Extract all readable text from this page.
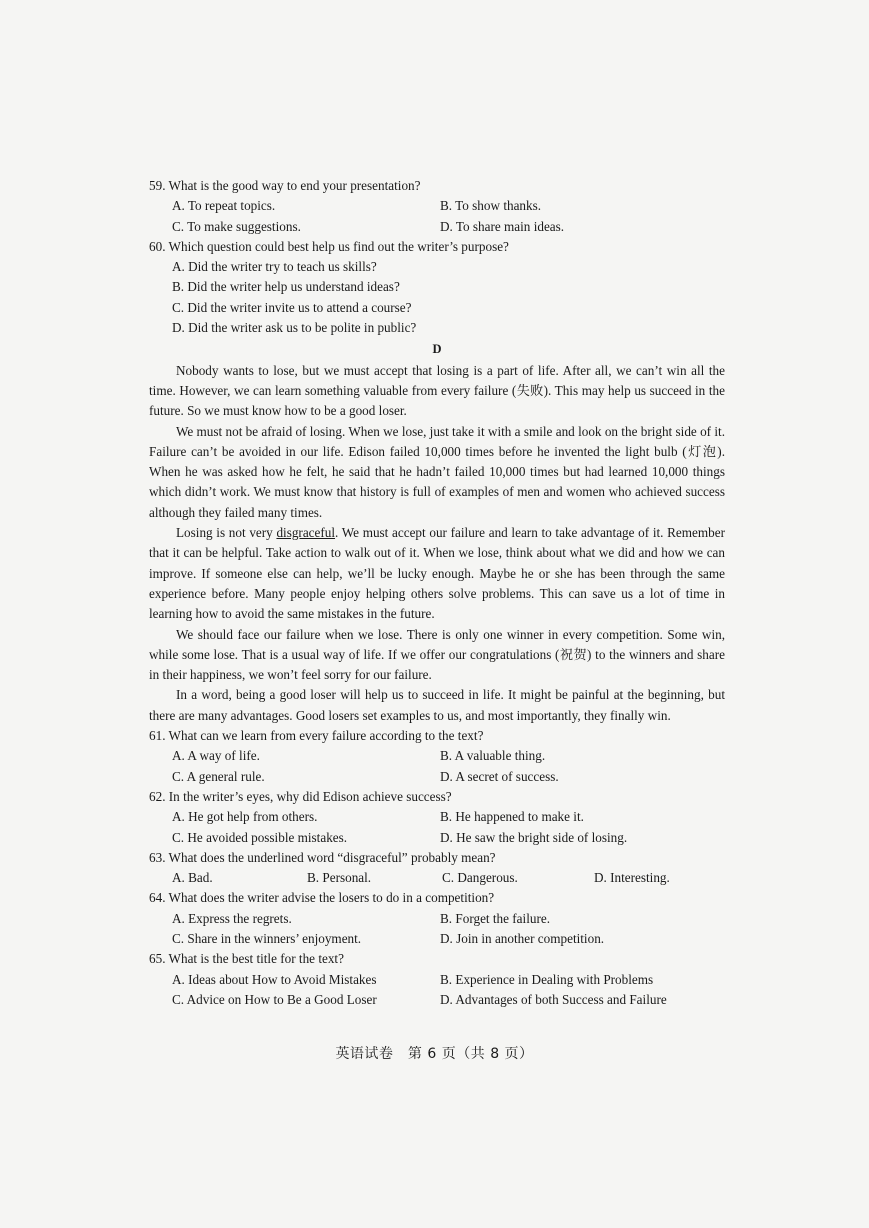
59. What is the good way to end your presentation?
A. To repeat topics.	B. To show thanks.
C. To make suggestions.	D. To share main ideas.
60. Which question could best help us find out the writer’s purpose?
A. Did the writer try to teach us skills?
B. Did the writer help us understand ideas?
C. Did the writer invite us to attend a course?
D. Did the writer ask us to be polite in public?
D
Nobody wants to lose, but we must accept that losing is a part of life. After all, we can’t win all the time. However, we can learn something valuable from every failure (失败). This may help us succeed in the future. So we must know how to be a good loser.
We must not be afraid of losing. When we lose, just take it with a smile and look on the bright side of it. Failure can’t be avoided in our life. Edison failed 10,000 times before he invented the light bulb (灯泡). When he was asked how he felt, he said that he hadn’t failed 10,000 times but had learned 10,000 things which didn’t work. We must know that history is full of examples of men and women who achieved success although they failed many times.
Losing is not very disgraceful. We must accept our failure and learn to take advantage of it. Remember that it can be helpful. Take action to walk out of it. When we lose, think about what we did and how we can improve. If someone else can help, we’ll be lucky enough. Maybe he or she has been through the same experience before. Many people enjoy helping others solve problems. This can save us a lot of time in learning how to avoid the same mistakes in the future.
We should face our failure when we lose. There is only one winner in every competition. Some win, while some lose. That is a usual way of life. If we offer our congratulations (祝贺) to the winners and share in their happiness, we won’t feel sorry for our failure.
In a word, being a good loser will help us to succeed in life. It might be painful at the beginning, but there are many advantages. Good losers set examples to us, and most importantly, they finally win.
61. What can we learn from every failure according to the text?
A. A way of life.	B. A valuable thing.
C. A general rule.	D. A secret of success.
62. In the writer’s eyes, why did Edison achieve success?
A. He got help from others.	B. He happened to make it.
C. He avoided possible mistakes.	D. He saw the bright side of losing.
63. What does the underlined word “disgraceful” probably mean?
A. Bad.	B. Personal.	C. Dangerous.	D. Interesting.
64. What does the writer advise the losers to do in a competition?
A. Express the regrets.	B. Forget the failure.
C. Share in the winners’ enjoyment.	D. Join in another competition.
65. What is the best title for the text?
A. Ideas about How to Avoid Mistakes	B. Experience in Dealing with Problems
C. Advice on How to Be a Good Loser	D. Advantages of both Success and Failure
英语试卷　第 6 页（共 8 页）
